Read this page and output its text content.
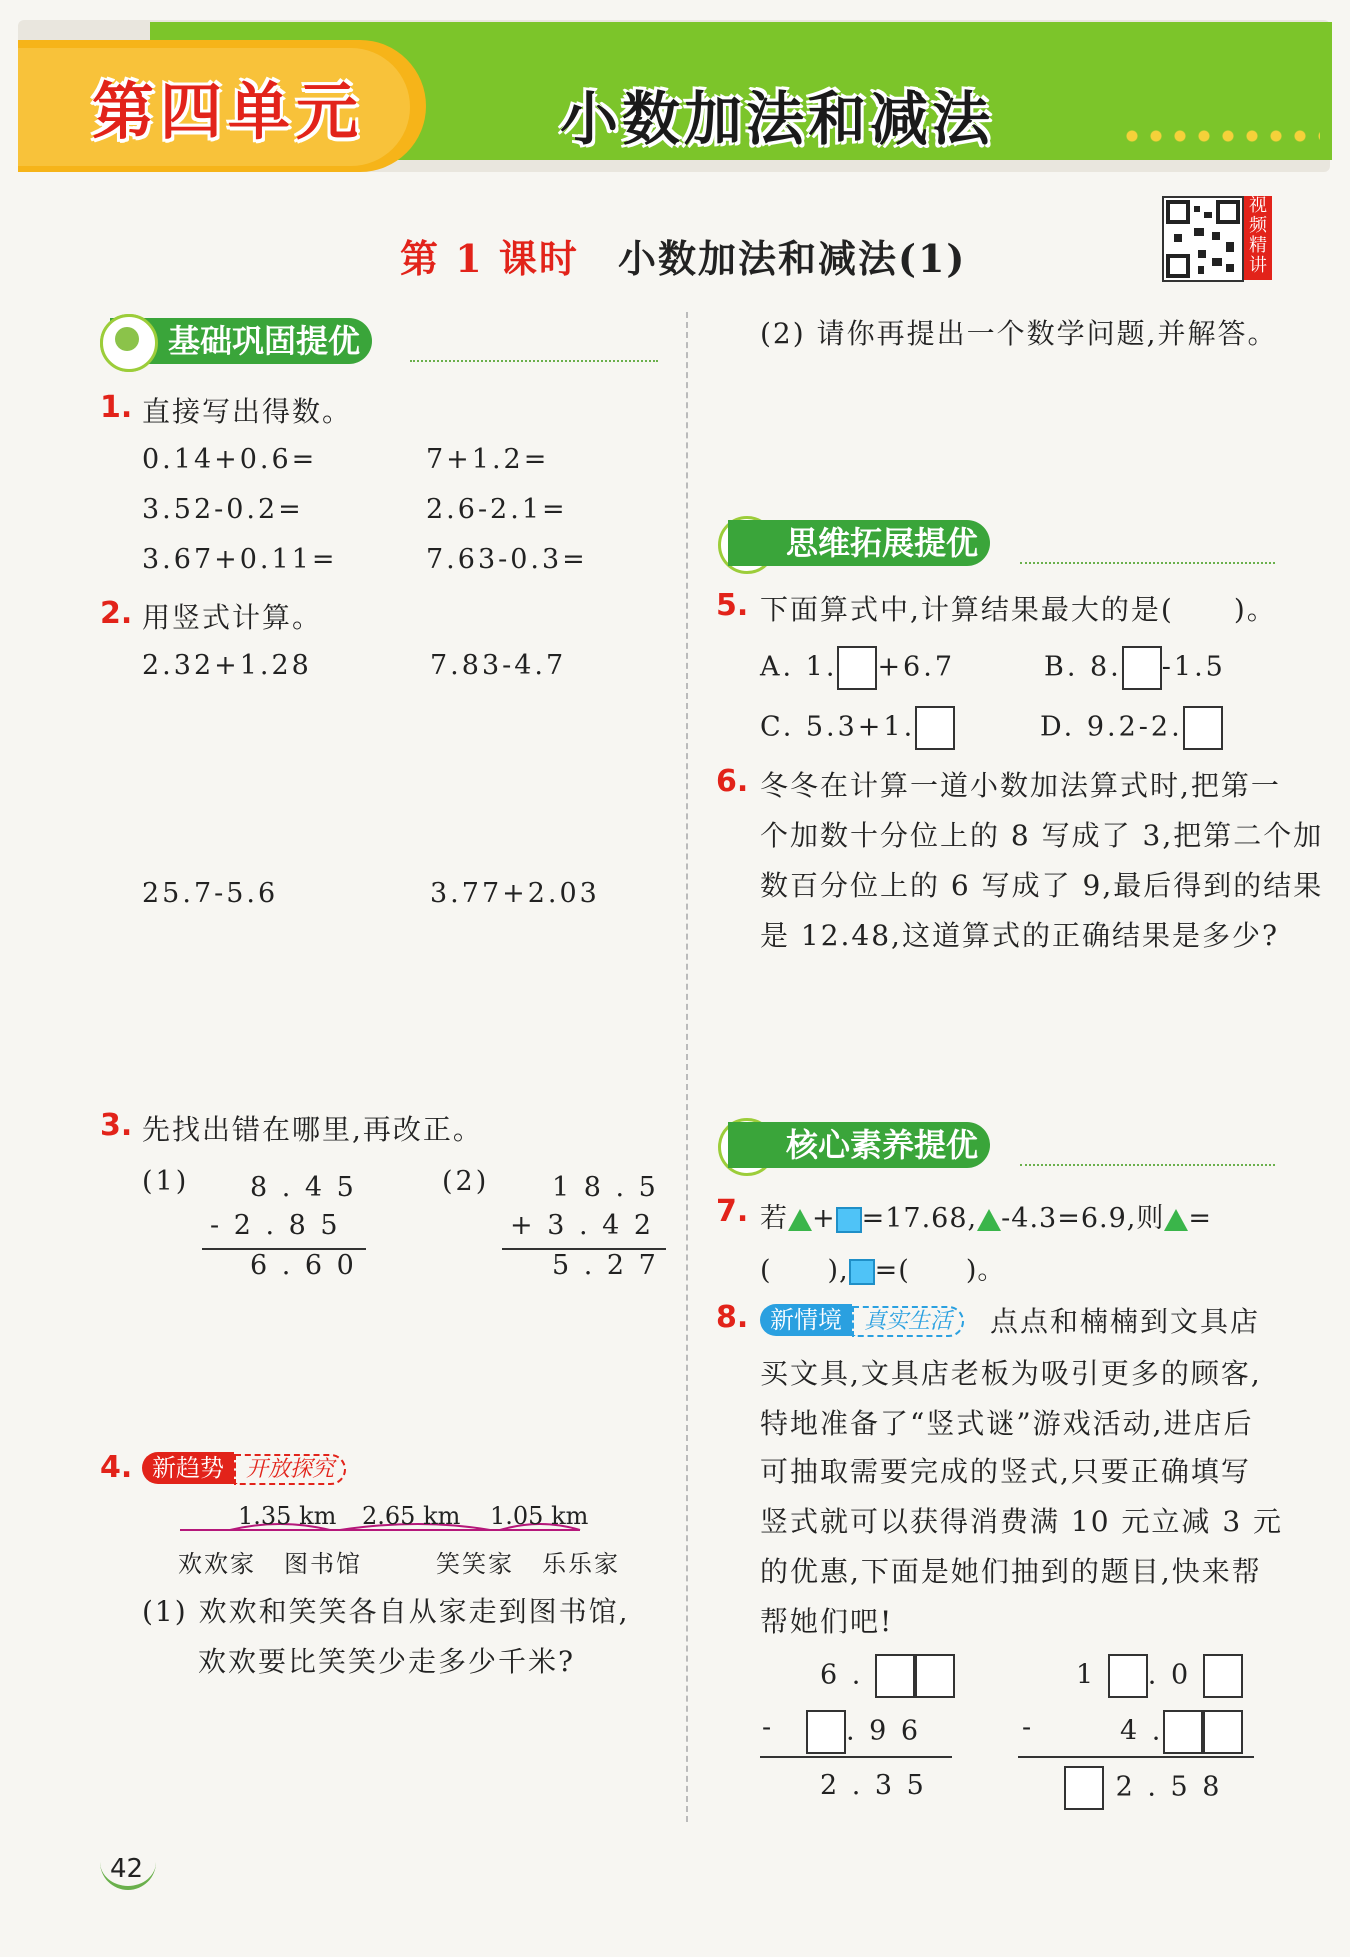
第四单元	小数加法和减法
第 1 课时 小数加法和减法(1)
视频精讲
基础巩固提优
1. 直接写出得数。
0.14+0.6=	7+1.2=
3.52-0.2=	2.6-2.1=
3.67+0.11=	7.63-0.3=
2. 用竖式计算。
2.32+1.28	7.83-4.7
25.7-5.6	3.77+2.03
3. 先找出错在哪里,再改正。
(1) 8 . 4 5
- 2 . 8 5
6 . 6 0
(2) 1 8 . 5
+ 3 . 4 2
5 . 2 7
4. 新趋势 开放探究
1.35 km 2.65 km 1.05 km
欢欢家 图书馆	笑笑家 乐乐家
(1) 欢欢和笑笑各自从家走到图书馆,
欢欢要比笑笑少走多少千米?
(2) 请你再提出一个数学问题,并解答。
思维拓展提优
5. 下面算式中,计算结果最大的是(　　)。
A. 1. +6.7	B. 8. -1.5
C. 5.3+1.	D. 9.2-2.
6. 冬冬在计算一道小数加法算式时,把第一
个加数十分位上的 8 写成了 3,把第二个加
数百分位上的 6 写成了 9,最后得到的结果
是 12.48,这道算式的正确结果是多少?
核心素养提优
7. 若 + =17.68, -4.3=6.9,则 =
(　　), =(　　)。
8. 新情境 真实生活	点点和楠楠到文具店
买文具,文具店老板为吸引更多的顾客,
特地准备了“竖式谜”游戏活动,进店后
可抽取需要完成的竖式,只要正确填写
竖式就可以获得消费满 10 元立减 3 元
的优惠,下面是她们抽到的题目,快来帮
帮她们吧!
6 .
-	. 9 6
2 . 3 5
1 . 0
-	4 .
2 . 5 8
42
